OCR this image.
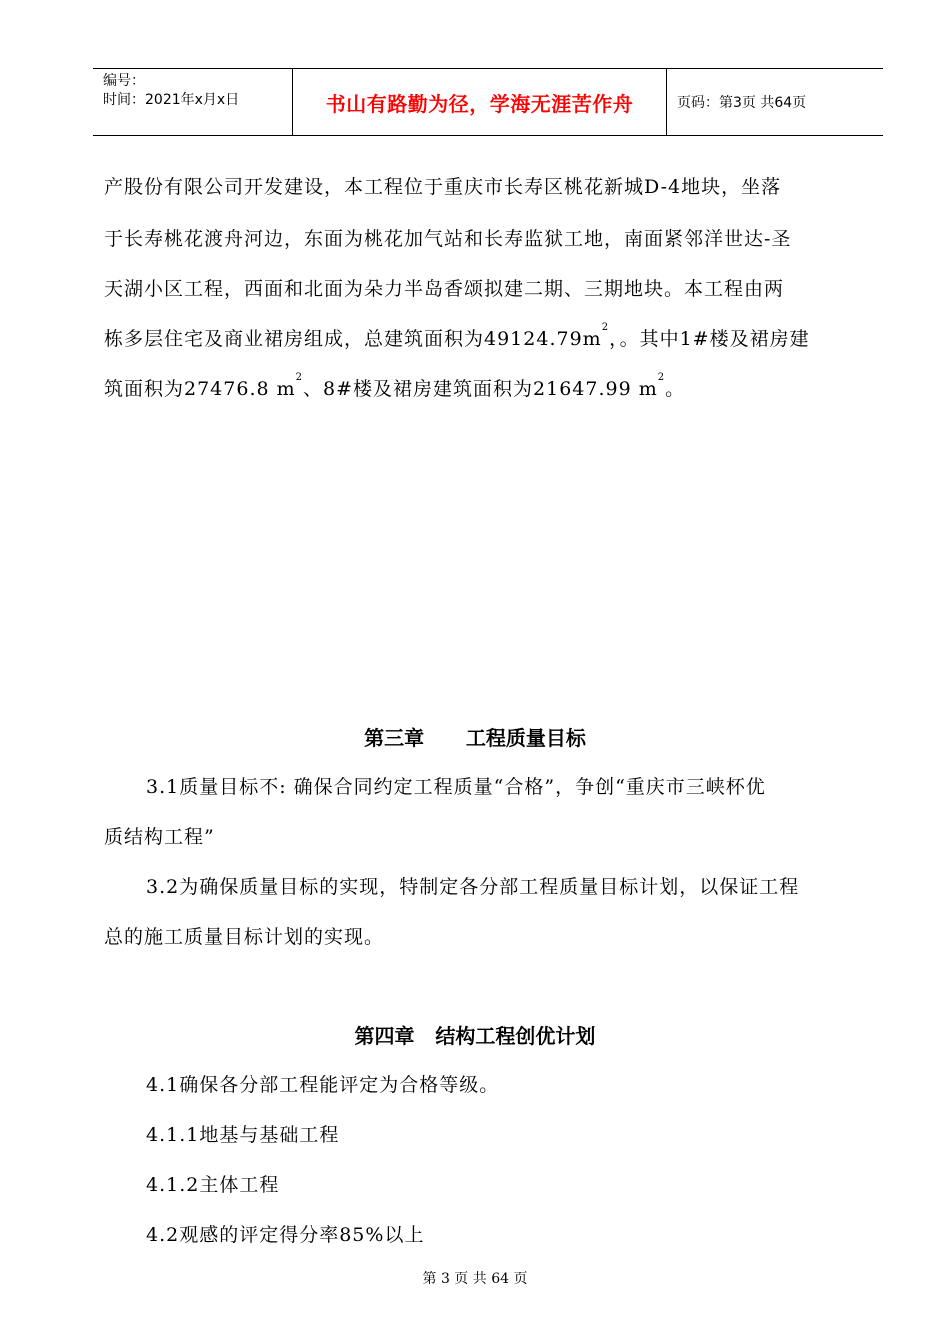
编号：
时间：2021年x月x日	书山有路勤为径，学海无涯苦作舟	页码：第3页 共64页
产股份有限公司开发建设，本工程位于重庆市长寿区桃花新城D-4地块，坐落
于长寿桃花渡舟河边，东面为桃花加气站和长寿监狱工地，南面紧邻洋世达-圣
天湖小区工程，西面和北面为朵力半岛香颂拟建二期、三期地块。本工程由两
栋多层住宅及商业裙房组成，总建筑面积为$49124.79m^2$，。其中1#楼及裙房建
筑面积为27476.8 $m^2$、8#楼及裙房建筑面积为21647.99 $m^2$。
第三章      工程质量目标
3.1质量目标不: 确保合同约定工程质量“合格”，争创“重庆市三峡杯优
质结构工程”
3.2为确保质量目标的实现，特制定各分部工程质量目标计划，以保证工程
总的施工质量目标计划的实现。
第四章   结构工程创优计划
4.1确保各分部工程能评定为合格等级。
4.1.1地基与基础工程
4.1.2主体工程
4.2观感的评定得分率85%以上
第 3 页 共 64 页
